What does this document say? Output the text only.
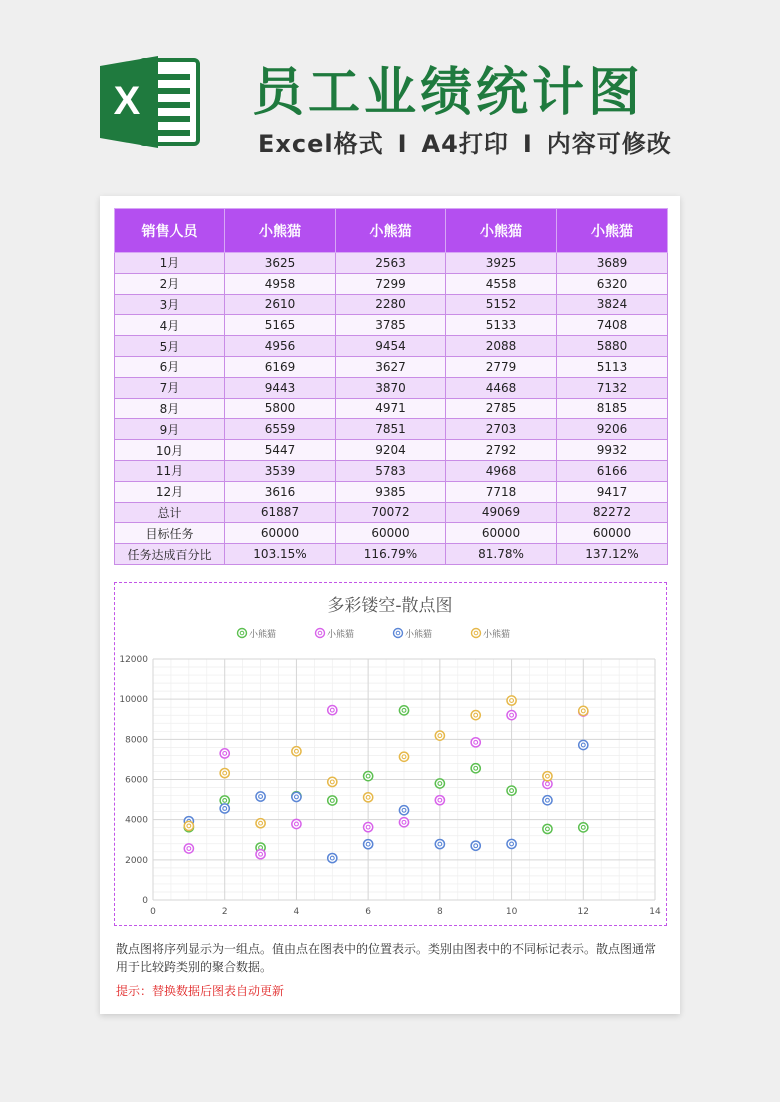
X 员工业绩统计图
Excel格式 I A4打印 I 内容可修改
销售人员	小熊猫	小熊猫	小熊猫	小熊猫
1月	3625	2563	3925	3689
2月	4958	7299	4558	6320
3月	2610	2280	5152	3824
4月	5165	3785	5133	7408
5月	4956	9454	2088	5880
6月	6169	3627	2779	5113
7月	9443	3870	4468	7132
8月	5800	4971	2785	8185
9月	6559	7851	2703	9206
10月	5447	9204	2792	9932
11月	3539	5783	4968	6166
12月	3616	9385	7718	9417
总计	61887	70072	49069	82272
目标任务	60000	60000	60000	60000
任务达成百分比	103.15%	116.79%	81.78%	137.12%
多彩镂空-散点图
小熊猫	小熊猫	小熊猫	小熊猫
0	2	4	6	8	10	12	14
0
2000
4000
6000
8000
10000
12000
散点图将序列显示为一组点。值由点在图表中的位置表示。类别由图表中的不同标记表示。散点图通常用于比较跨类别的聚合数据。
提示：替换数据后图表自动更新
